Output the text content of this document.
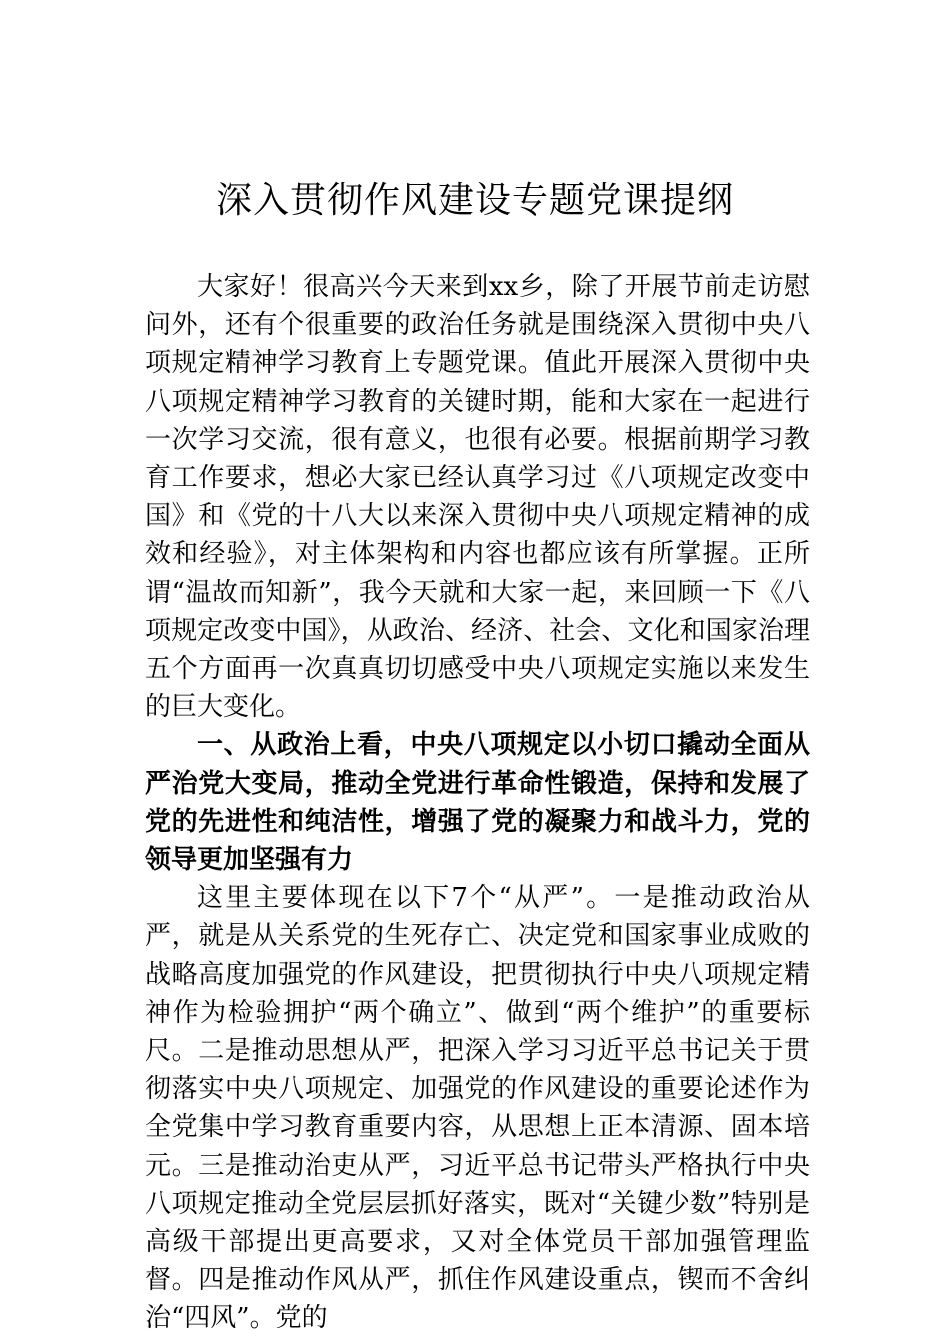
深入贯彻作风建设专题党课提纲

大家好！很高兴今天来到xx乡，除了开展节前走访慰问外，还有个很重要的政治任务就是围绕深入贯彻中央八项规定精神学习教育上专题党课。值此开展深入贯彻中央八项规定精神学习教育的关键时期，能和大家在一起进行一次学习交流，很有意义，也很有必要。根据前期学习教育工作要求，想必大家已经认真学习过《八项规定改变中国》和《党的十八大以来深入贯彻中央八项规定精神的成效和经验》，对主体架构和内容也都应该有所掌握。正所谓“温故而知新”，我今天就和大家一起，来回顾一下《八项规定改变中国》，从政治、经济、社会、文化和国家治理五个方面再一次真真切切感受中央八项规定实施以来发生的巨大变化。

一、从政治上看，中央八项规定以小切口撬动全面从严治党大变局，推动全党进行革命性锻造，保持和发展了党的先进性和纯洁性，增强了党的凝聚力和战斗力，党的领导更加坚强有力

这里主要体现在以下7个“从严”。一是推动政治从严，就是从关系党的生死存亡、决定党和国家事业成败的战略高度加强党的作风建设，把贯彻执行中央八项规定精神作为检验拥护“两个确立”、做到“两个维护”的重要标尺。二是推动思想从严，把深入学习习近平总书记关于贯彻落实中央八项规定、加强党的作风建设的重要论述作为全党集中学习教育重要内容，从思想上正本清源、固本培元。三是推动治吏从严，习近平总书记带头严格执行中央八项规定推动全党层层抓好落实，既对“关键少数”特别是高级干部提出更高要求，又对全体党员干部加强管理监督。四是推动作风从严，抓住作风建设重点，锲而不舍纠治“四风”。党的
